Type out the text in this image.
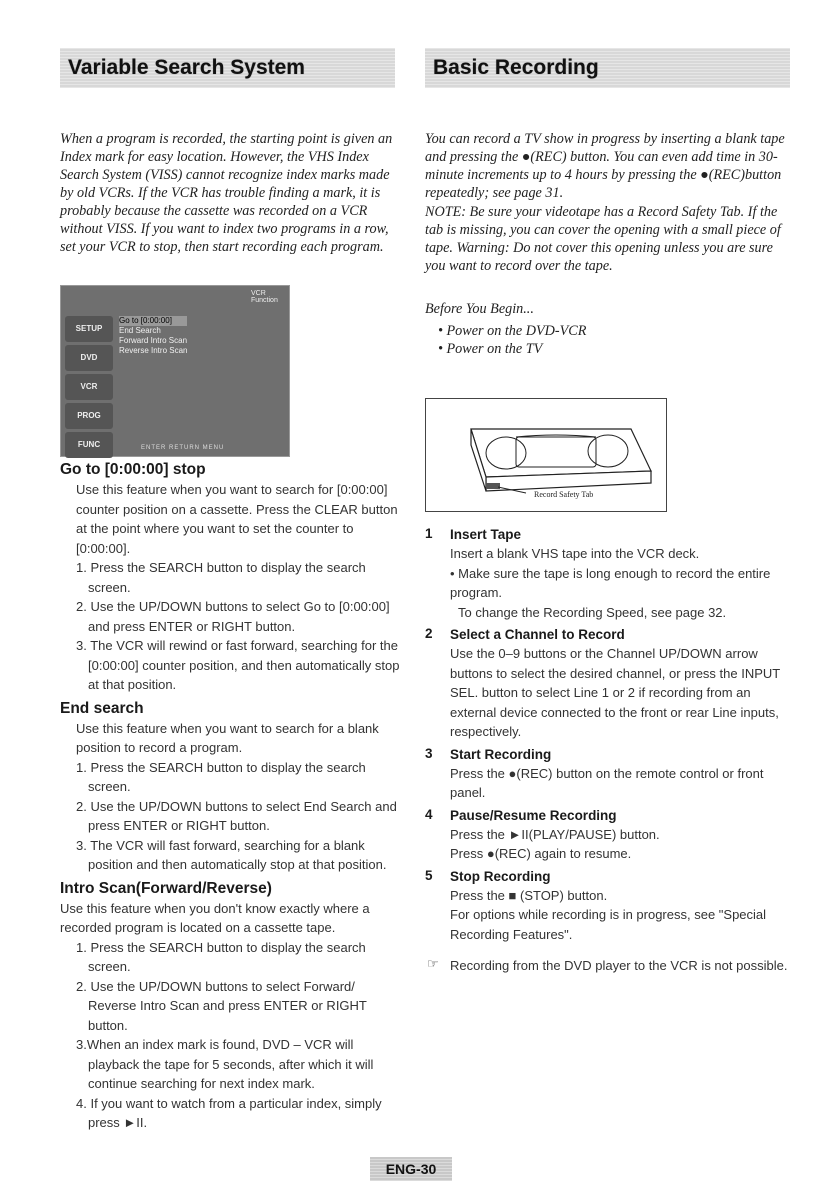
Variable Search System
When a program is recorded, the starting point is given an Index mark for easy location. However, the VHS Index Search System (VISS) cannot recognize index marks made by old VCRs. If the VCR has trouble finding a mark, it is probably because the cassette was recorded on a VCR without VISS. If you want to index two programs in a row, set your VCR to stop, then start recording each program.
VCR Function
SETUP
DVD
VCR
PROG
FUNC
Go to [0:00:00]
End Search
Forward Intro Scan
Reverse Intro Scan
ENTER RETURN MENU

Go to [0:00:00] stop

Use this feature when you want to search for [0:00:00] counter position on a cassette. Press the CLEAR button at the point where you want to set the counter to [0:00:00].
1. Press the SEARCH button to display the search screen.
2. Use the UP/DOWN buttons to select Go to [0:00:00] and press ENTER or RIGHT button.
3. The VCR will rewind or fast forward, searching for the [0:00:00] counter position, and then automatically stop at that position.

End search

Use this feature when you want to search for a blank position to record a program.
1. Press the SEARCH button to display the search screen.
2. Use the UP/DOWN buttons to select End Search and press ENTER or RIGHT button.
3. The VCR will fast forward, searching for a blank position and then automatically stop at that position.

Intro Scan(Forward/Reverse)

Use this feature when you don't know exactly where a recorded program is located on a cassette tape.
1. Press the SEARCH button to display the search screen.
2. Use the UP/DOWN buttons to select Forward/ Reverse Intro Scan and press ENTER or RIGHT button.
3.When an index mark is found, DVD – VCR will playback the tape for 5 seconds, after which it will continue searching for next index mark.
4. If you want to watch from a particular index, simply press ►II.
Basic Recording
You can record a TV show in progress by inserting a blank tape and pressing the ●(REC) button. You can even add time in 30-minute increments up to 4 hours by pressing the ●(REC)button repeatedly; see page 31.
NOTE: Be sure your videotape has a Record Safety Tab. If the tab is missing, you can cover the opening with a small piece of tape. Warning: Do not cover this opening unless you are sure you want to record over the tape.
Before You Begin...
• Power on the DVD-VCR
• Power on the TV
Record Safety Tab
1 Insert Tape
Insert a blank VHS tape into the VCR deck.
• Make sure the tape is long enough to record the entire program.
To change the Recording Speed, see page 32.
2 Select a Channel to Record
Use the 0–9 buttons or the Channel UP/DOWN arrow buttons to select the desired channel, or press the INPUT SEL. button to select Line 1 or 2 if recording from an external device connected to the front or rear Line inputs, respectively.
3 Start Recording
Press the ●(REC) button on the remote control or front panel.
4 Pause/Resume Recording
Press the ►II(PLAY/PAUSE) button.
Press ●(REC) again to resume.
5 Stop Recording
Press the ■ (STOP) button.
For options while recording is in progress, see "Special Recording Features".
☞ Recording from the DVD player to the VCR is not possible.
ENG-30
